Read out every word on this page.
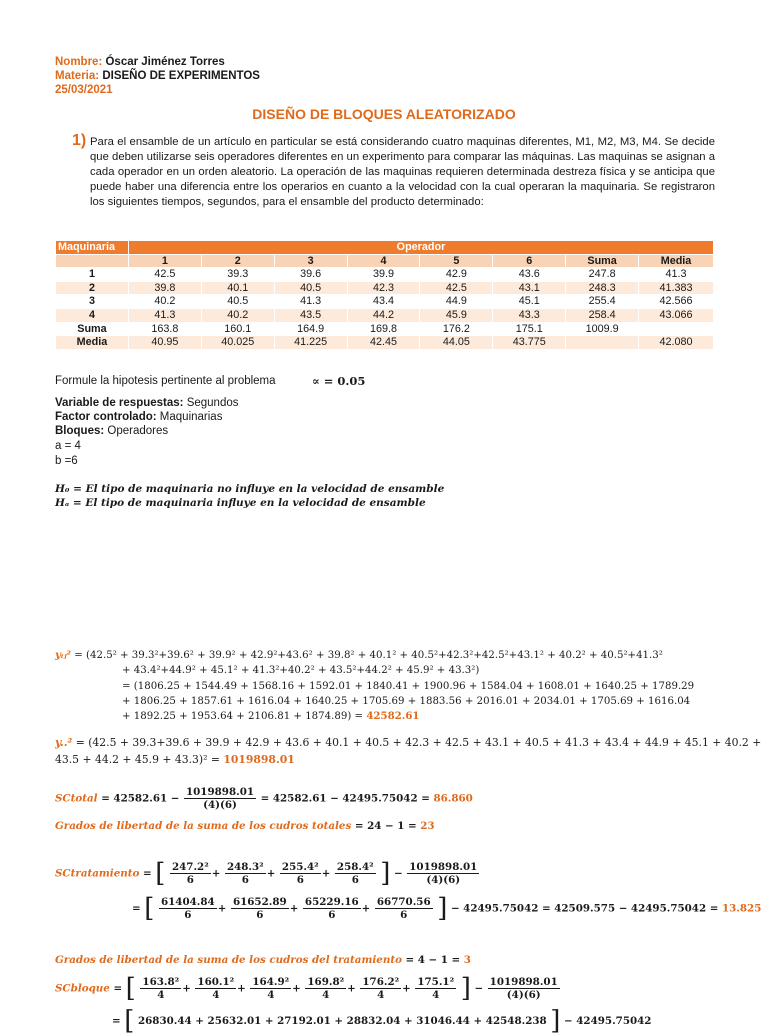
Nombre: Óscar Jiménez Torres
Materia: DISEÑO DE EXPERIMENTOS
25/03/2021
DISEÑO DE BLOQUES ALEATORIZADO
1) Para el ensamble de un artículo en particular se está considerando cuatro maquinas diferentes, M1, M2, M3, M4. Se decide que deben utilizarse seis operadores diferentes en un experimento para comparar las máquinas. Las maquinas se asignan a cada operador en un orden aleatorio. La operación de las maquinas requieren determinada destreza física y se anticipa que puede haber una diferencia entre los operarios en cuanto a la velocidad con la cual operaran la maquinaria. Se registraron los siguientes tiempos, segundos, para el ensamble del producto determinado:
Maquinaria	Operador							
	1	2	3	4	5	6	Suma	Media
1	42.5	39.3	39.6	39.9	42.9	43.6	247.8	41.3
2	39.8	40.1	40.5	42.3	42.5	43.1	248.3	41.383
3	40.2	40.5	41.3	43.4	44.9	45.1	255.4	42.566
4	41.3	40.2	43.5	44.2	45.9	43.3	258.4	43.066
Suma	163.8	160.1	164.9	169.8	176.2	175.1	1009.9	
Media	40.95	40.025	41.225	42.45	44.05	43.775		42.080
Formule la hipotesis pertinente al problema	∝ = 0.05
Variable de respuestas: Segundos
Factor controlado: Maquinarias
Bloques: Operadores
a = 4
b =6
H₀ = El tipo de maquinaria no influye en la velocidad de ensamble
Hₐ = El tipo de maquinaria influye en la velocidad de ensamble
yᵢⱼ² = (42.5² + 39.3²+39.6² + 39.9² + 42.9²+43.6² + 39.8² + 40.1² + 40.5²+42.3²+42.5²+43.1² + 40.2² + 40.5²+41.3²
+ 43.4²+44.9² + 45.1² + 41.3²+40.2² + 43.5²+44.2² + 45.9² + 43.3²)
= (1806.25 + 1544.49 + 1568.16 + 1592.01 + 1840.41 + 1900.96 + 1584.04 + 1608.01 + 1640.25 + 1789.29
+ 1806.25 + 1857.61 + 1616.04 + 1640.25 + 1705.69 + 1883.56 + 2016.01 + 2034.01 + 1705.69 + 1616.04
+ 1892.25 + 1953.64 + 2106.81 + 1874.89) = 42582.61
y..² = (42.5 + 39.3+39.6 + 39.9 + 42.9 + 43.6 + 40.1 + 40.5 + 42.3 + 42.5 + 43.1 + 40.5 + 41.3 + 43.4 + 44.9 + 45.1 + 40.2 +
43.5 + 44.2 + 45.9 + 43.3)² = 1019898.01
SCtotal = $42582.61 - \frac{1019898.01}{(4)(6)} = 42582.61 - 42495.75042 = 86.860$
Grados de libertad de la suma de los cudros totales = 24 − 1 = 23
SCtratamiento = [ $\frac{\text{247.2²}}{6} + \frac{\text{248.3²}}{6} + \frac{\text{255.4²}}{6} + \frac{\text{258.4²}}{6}$ ] − $\frac{1019898.01}{(4)(6)}$
= [ $\frac{61404.84}{6} + \frac{61652.89}{6} + \frac{65229.16}{6} + \frac{66770.56}{6}$ ] − 42495.75042 = 42509.575 − 42495.75042 = 13.825
Grados de libertad de la suma de los cudros del tratamiento = 4 − 1 = 3
SCbloque = [ $\frac{\text{163.8²}}{4} + \frac{\text{160.1²}}{4} + \frac{\text{164.9²}}{4} + \frac{\text{169.8²}}{4} + \frac{\text{176.2²}}{4} + \frac{\text{175.1²}}{4}$ ] − $\frac{1019898.01}{(4)(6)}$
= [ 26830.44 + 25632.01 + 27192.01 + 28832.04 + 31046.44 + 42548.238 ] − 42495.75042
